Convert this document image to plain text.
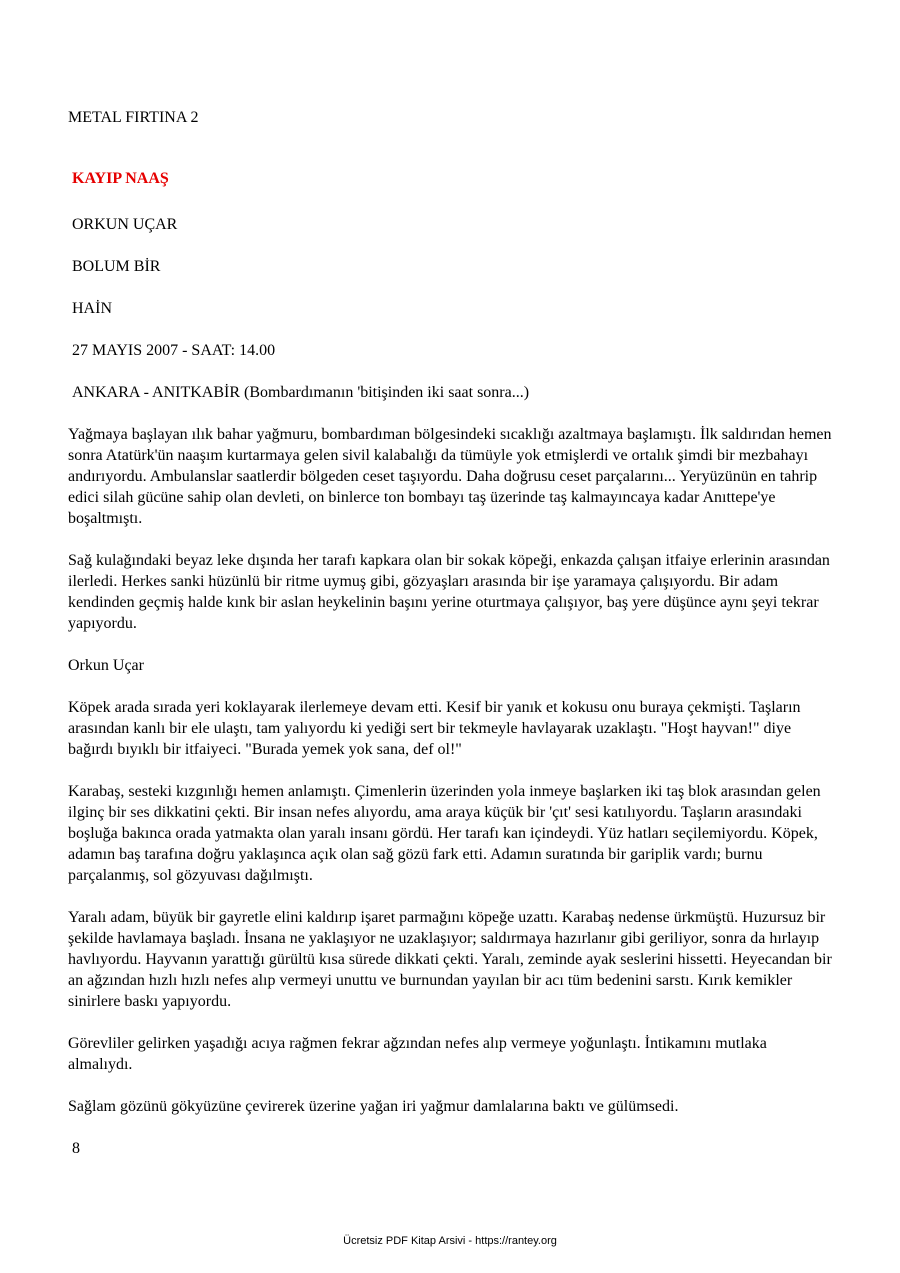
METAL FIRTINA 2

KAYIP NAAŞ

ORKUN UÇAR

BOLUM BİR

HAİN

27 MAYIS 2007 - SAAT: 14.00

ANKARA - ANITKABİR (Bombardımanın 'bitişinden iki saat sonra...)

Yağmaya başlayan ılık bahar yağmuru, bombardıman bölgesindeki sıcaklığı azaltmaya başlamıştı. İlk saldırıdan hemen sonra Atatürk'ün naaşım kurtarmaya gelen sivil kalabalığı da tümüyle yok etmişlerdi ve ortalık şimdi bir mezbahayı andırıyordu. Ambulanslar saatlerdir bölgeden ceset taşıyordu. Daha doğrusu ceset parçalarını... Yeryüzünün en tahrip edici silah gücüne sahip olan devleti, on binlerce ton bombayı taş üzerinde taş kalmayıncaya kadar Anıttepe'ye boşaltmıştı.

Sağ kulağındaki beyaz leke dışında her tarafı kapkara olan bir sokak köpeği, enkazda çalışan itfaiye erlerinin arasından ilerledi. Herkes sanki hüzünlü bir ritme uymuş gibi, gözyaşları arasında bir işe yaramaya çalışıyordu. Bir adam kendinden geçmiş halde kınk bir aslan heykelinin başını yerine oturtmaya çalışıyor, baş yere düşünce aynı şeyi tekrar yapıyordu.

Orkun Uçar

Köpek arada sırada yeri koklayarak ilerlemeye devam etti. Kesif bir yanık et kokusu onu buraya çekmişti. Taşların arasından kanlı bir ele ulaştı, tam yalıyordu ki yediği sert bir tekmeyle havlayarak uzaklaştı. "Hoşt hayvan!" diye bağırdı bıyıklı bir itfaiyeci. "Burada yemek yok sana, def ol!"

Karabaş, sesteki kızgınlığı hemen anlamıştı. Çimenlerin üzerinden yola inmeye başlarken iki taş blok arasından gelen ilginç bir ses dikkatini çekti. Bir insan nefes alıyordu, ama araya küçük bir 'çıt' sesi katılıyordu. Taşların arasındaki boşluğa bakınca orada yatmakta olan yaralı insanı gördü. Her tarafı kan içindeydi. Yüz hatları seçilemiyordu. Köpek, adamın baş tarafına doğru yaklaşınca açık olan sağ gözü fark etti. Adamın suratında bir gariplik vardı; burnu parçalanmış, sol gözyuvası dağılmıştı.

Yaralı adam, büyük bir gayretle elini kaldırıp işaret parmağını köpeğe uzattı. Karabaş nedense ürkmüştü. Huzursuz bir şekilde havlamaya başladı. İnsana ne yaklaşıyor ne uzaklaşıyor; saldırmaya hazırlanır gibi geriliyor, sonra da hırlayıp havlıyordu. Hayvanın yarattığı gürültü kısa sürede dikkati çekti. Yaralı, zeminde ayak seslerini hissetti. Heyecandan bir an ağzından hızlı hızlı nefes alıp vermeyi unuttu ve burnundan yayılan bir acı tüm bedenini sarstı. Kırık kemikler sinirlere baskı yapıyordu.

Görevliler gelirken yaşadığı acıya rağmen fekrar ağzından nefes alıp vermeye yoğunlaştı. İntikamını mutlaka almalıydı.

Sağlam gözünü gökyüzüne çevirerek üzerine yağan iri yağmur damlalarına baktı ve gülümsedi.

8

Ücretsiz PDF Kitap Arsivi - https://rantey.org
